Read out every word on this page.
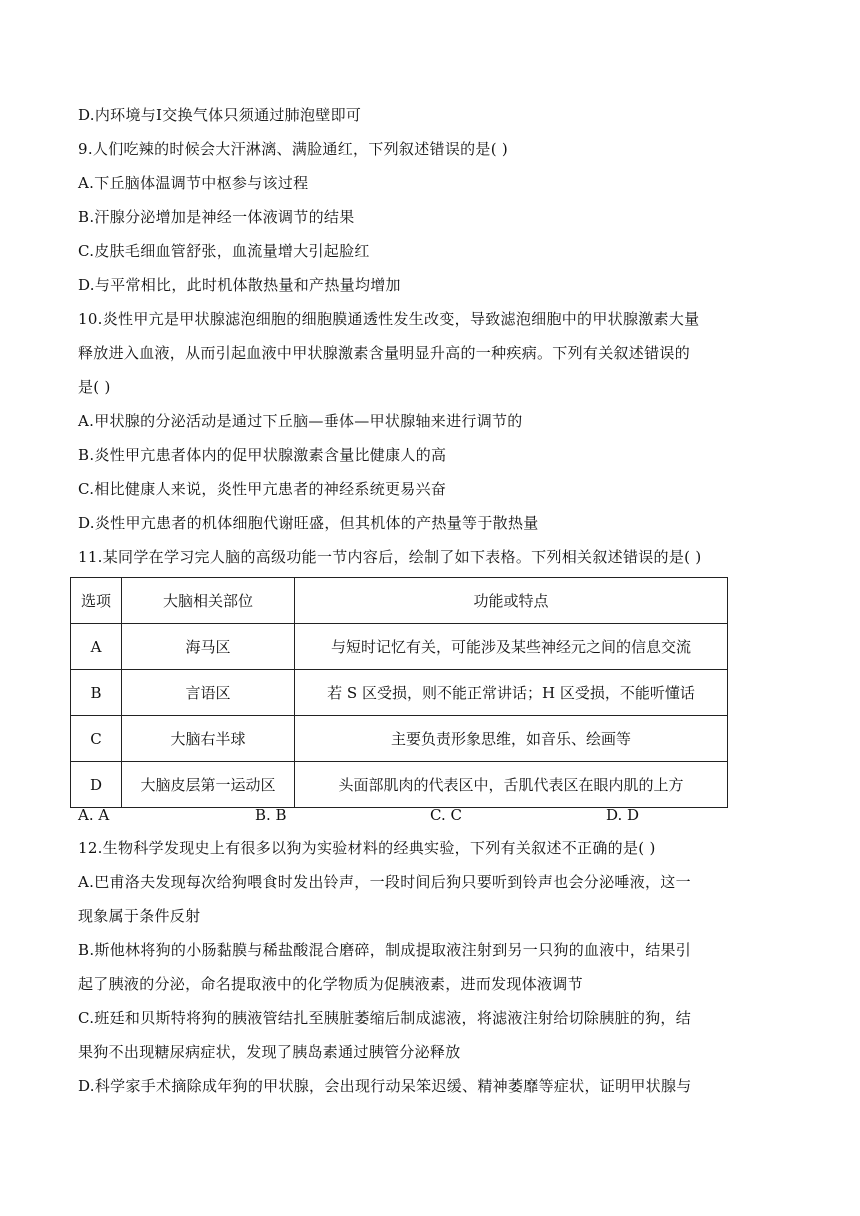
D.内环境与Ⅰ交换气体只须通过肺泡壁即可
9.人们吃辣的时候会大汗淋漓、满脸通红，下列叙述错误的是( )
A.下丘脑体温调节中枢参与该过程
B.汗腺分泌增加是神经一体液调节的结果
C.皮肤毛细血管舒张，血流量增大引起脸红
D.与平常相比，此时机体散热量和产热量均增加
10.炎性甲亢是甲状腺滤泡细胞的细胞膜通透性发生改变，导致滤泡细胞中的甲状腺激素大量
释放进入血液，从而引起血液中甲状腺激素含量明显升高的一种疾病。下列有关叙述错误的
是( )
A.甲状腺的分泌活动是通过下丘脑—垂体—甲状腺轴来进行调节的
B.炎性甲亢患者体内的促甲状腺激素含量比健康人的高
C.相比健康人来说，炎性甲亢患者的神经系统更易兴奋
D.炎性甲亢患者的机体细胞代谢旺盛，但其机体的产热量等于散热量
11.某同学在学习完人脑的高级功能一节内容后，绘制了如下表格。下列相关叙述错误的是( )
选项	大脑相关部位	功能或特点
A	海马区	与短时记忆有关，可能涉及某些神经元之间的信息交流
B	言语区	若 S 区受损，则不能正常讲话；H 区受损，不能听懂话
C	大脑右半球	主要负责形象思维，如音乐、绘画等
D	大脑皮层第一运动区	头面部肌肉的代表区中，舌肌代表区在眼内肌的上方
A. A	B. B	C. C	D. D
12.生物科学发现史上有很多以狗为实验材料的经典实验，下列有关叙述不正确的是( )
A.巴甫洛夫发现每次给狗喂食时发出铃声，一段时间后狗只要听到铃声也会分泌唾液，这一
现象属于条件反射
B.斯他林将狗的小肠黏膜与稀盐酸混合磨碎，制成提取液注射到另一只狗的血液中，结果引
起了胰液的分泌，命名提取液中的化学物质为促胰液素，进而发现体液调节
C.班廷和贝斯特将狗的胰液管结扎至胰脏萎缩后制成滤液，将滤液注射给切除胰脏的狗，结
果狗不出现糖尿病症状，发现了胰岛素通过胰管分泌释放
D.科学家手术摘除成年狗的甲状腺，会出现行动呆笨迟缓、精神萎靡等症状，证明甲状腺与
